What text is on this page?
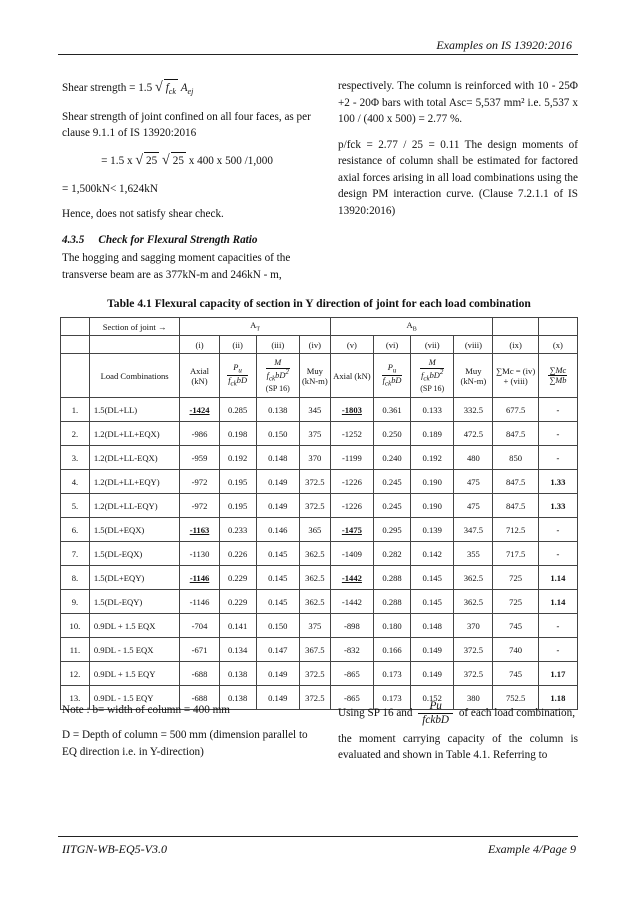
Examples on IS 13920:2016

Shear strength = 1.5 √ $f_{ck}$ $A_{ej}$

Shear strength of joint confined on all four faces, as per clause 9.1.1 of IS 13920:2016

= 1.5 x √ 25 √ 25 x 400 x 500 /1,000

= 1,500kN< 1,624kN

Hence, does not satisfy shear check.

4.3.5 Check for Flexural Strength Ratio

The hogging and sagging moment capacities of the transverse beam are as 377kN-m and 246kN - m,

respectively. The column is reinforced with 10 - 25Φ +2 - 20Φ bars with total Asc= 5,537 mm² i.e. 5,537 x 100 / (400 x 500) = 2.77 %.

p/fck = 2.77 / 25 = 0.11 The design moments of resistance of column shall be estimated for factored axial forces arising in all load combinations using the design PM interaction curve. (Clause 7.2.1.1 of IS 13920:2016)

Table 4.1 Flexural capacity of section in Y direction of joint for each load combination
	Section of joint →	$A_T$				$A_B$		
		(i)	(ii)	(iii)	(iv)	(v)	(vi)	(vii)	(viii)	(ix)	(x)
	Load Combinations	Axial (kN)	$\frac{P_u}{f_{ck}bD}$	$\frac{M}{f_{ck}bD^2}$

(SP 16)	Muy (kN-m)	Axial (kN)	$\frac{P_u}{f_{ck}bD}$	$\frac{M}{f_{ck}bD^2}$

(SP 16)	Muy (kN-m)	∑Mc = (iv) + (viii)	$\frac{\sum Mc}{\sum Mb}$

1.	1.5(DL+LL)	-1424	0.285	0.138	345	-1803	0.361	0.133	332.5	677.5	-
2.	1.2(DL+LL+EQX)	-986	0.198	0.150	375	-1252	0.250	0.189	472.5	847.5	-
3.	1.2(DL+LL-EQX)	-959	0.192	0.148	370	-1199	0.240	0.192	480	850	-
4.	1.2(DL+LL+EQY)	-972	0.195	0.149	372.5	-1226	0.245	0.190	475	847.5	1.33
5.	1.2(DL+LL-EQY)	-972	0.195	0.149	372.5	-1226	0.245	0.190	475	847.5	1.33
6.	1.5(DL+EQX)	-1163	0.233	0.146	365	-1475	0.295	0.139	347.5	712.5	-
7.	1.5(DL-EQX)	-1130	0.226	0.145	362.5	-1409	0.282	0.142	355	717.5	-
8.	1.5(DL+EQY)	-1146	0.229	0.145	362.5	-1442	0.288	0.145	362.5	725	1.14
9.	1.5(DL-EQY)	-1146	0.229	0.145	362.5	-1442	0.288	0.145	362.5	725	1.14
10.	0.9DL + 1.5 EQX	-704	0.141	0.150	375	-898	0.180	0.148	370	745	-
11.	0.9DL - 1.5 EQX	-671	0.134	0.147	367.5	-832	0.166	0.149	372.5	740	-
12.	0.9DL + 1.5 EQY	-688	0.138	0.149	372.5	-865	0.173	0.149	372.5	745	1.17
13.	0.9DL - 1.5 EQY	-688	0.138	0.149	372.5	-865	0.173	0.152	380	752.5	1.18

Note : b= width of column = 400 mm

D = Depth of column = 500 mm (dimension parallel to EQ direction i.e. in Y-direction)

Using SP 16 and $\frac{Pu}{\text{fckbD}}$ of each load combination,
the moment carrying capacity of the column is evaluated and shown in Table 4.1. Referring to
IITGN-WB-EQ5-V3.0	Example 4/Page 9
